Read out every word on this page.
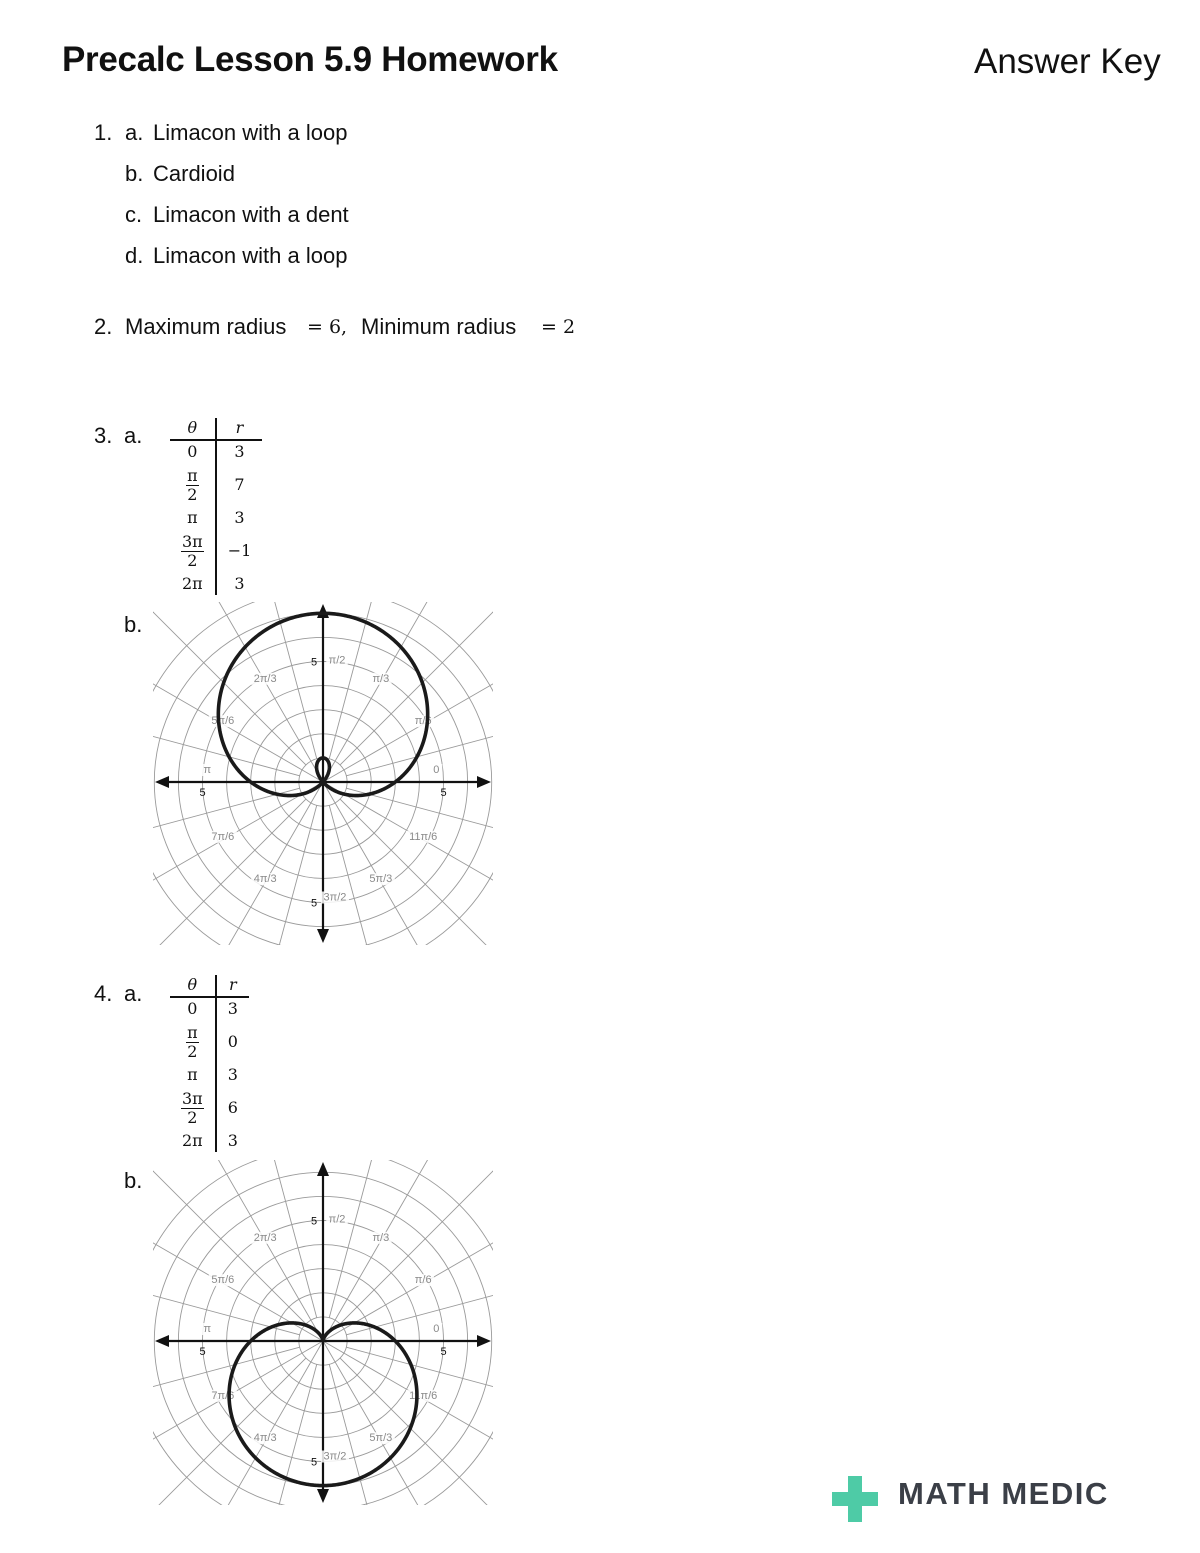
Precalc Lesson 5.9 Homework	Answer Key
1. a. Limacon with a loop
b. Cardioid
c. Limacon with a dent
d. Limacon with a loop
2. Maximum radius = 6, Minimum radius = 2
3. a.	θ	r
0	3

$\frac{\pi}{2}$	7
π	3

$\frac{3\pi}{2}$	−1
2π	3
b.
5
5
5
5
0
π/3
π/2
2π/3
5π/6
π
7π/6
4π/3
3π/2
5π/3
11π/6
π/6
4. a.	θ	r
0	3

$\frac{\pi}{2}$	0
π	3

$\frac{3\pi}{2}$	6
2π	3
b.
5
5
5
5
0
π/3
π/2
2π/3
5π/6
π
7π/6
4π/3
3π/2
5π/3
11π/6
π/6
MATH MEDIC
